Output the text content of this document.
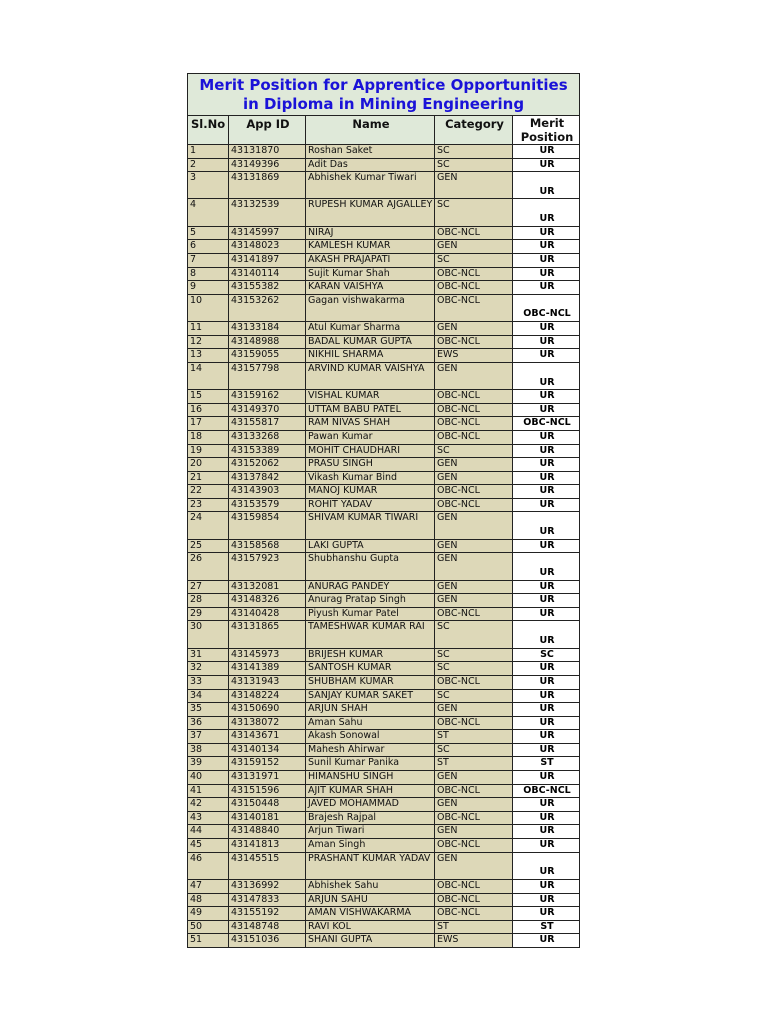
Merit Position for Apprentice Opportunities
in Diploma in Mining Engineering				

Sl.No	App ID	Name	Category	Merit
Position

1	43131870	Roshan Saket	SC	UR
2	43149396	Adit Das	SC	UR
3	43131869	Abhishek Kumar Tiwari	GEN	UR
4	43132539	RUPESH KUMAR AJGALLEY	SC	UR
5	43145997	NIRAJ	OBC-NCL	UR
6	43148023	KAMLESH KUMAR	GEN	UR
7	43141897	AKASH PRAJAPATI	SC	UR
8	43140114	Sujit Kumar Shah	OBC-NCL	UR
9	43155382	KARAN VAISHYA	OBC-NCL	UR
10	43153262	Gagan vishwakarma	OBC-NCL	OBC-NCL
11	43133184	Atul Kumar Sharma	GEN	UR
12	43148988	BADAL KUMAR GUPTA	OBC-NCL	UR
13	43159055	NIKHIL SHARMA	EWS	UR
14	43157798	ARVIND KUMAR VAISHYA	GEN	UR
15	43159162	VISHAL KUMAR	OBC-NCL	UR
16	43149370	UTTAM BABU PATEL	OBC-NCL	UR
17	43155817	RAM NIVAS SHAH	OBC-NCL	OBC-NCL
18	43133268	Pawan Kumar	OBC-NCL	UR
19	43153389	MOHIT CHAUDHARI	SC	UR
20	43152062	PRASU SINGH	GEN	UR
21	43137842	Vikash Kumar Bind	GEN	UR
22	43143903	MANOJ KUMAR	OBC-NCL	UR
23	43153579	ROHIT YADAV	OBC-NCL	UR
24	43159854	SHIVAM KUMAR TIWARI	GEN	UR
25	43158568	LAKI GUPTA	GEN	UR
26	43157923	Shubhanshu Gupta	GEN	UR
27	43132081	ANURAG PANDEY	GEN	UR
28	43148326	Anurag Pratap Singh	GEN	UR
29	43140428	Piyush Kumar Patel	OBC-NCL	UR
30	43131865	TAMESHWAR KUMAR RAI	SC	UR
31	43145973	BRIJESH KUMAR	SC	SC
32	43141389	SANTOSH KUMAR	SC	UR
33	43131943	SHUBHAM KUMAR	OBC-NCL	UR
34	43148224	SANJAY KUMAR SAKET	SC	UR
35	43150690	ARJUN SHAH	GEN	UR
36	43138072	Aman Sahu	OBC-NCL	UR
37	43143671	Akash Sonowal	ST	UR
38	43140134	Mahesh Ahirwar	SC	UR
39	43159152	Sunil Kumar Panika	ST	ST
40	43131971	HIMANSHU SINGH	GEN	UR
41	43151596	AJIT KUMAR SHAH	OBC-NCL	OBC-NCL
42	43150448	JAVED MOHAMMAD	GEN	UR
43	43140181	Brajesh Rajpal	OBC-NCL	UR
44	43148840	Arjun Tiwari	GEN	UR
45	43141813	Aman Singh	OBC-NCL	UR
46	43145515	PRASHANT KUMAR YADAV	GEN	UR
47	43136992	Abhishek Sahu	OBC-NCL	UR
48	43147833	ARJUN SAHU	OBC-NCL	UR
49	43155192	AMAN VISHWAKARMA	OBC-NCL	UR
50	43148748	RAVI KOL	ST	ST
51	43151036	SHANI GUPTA	EWS	UR
